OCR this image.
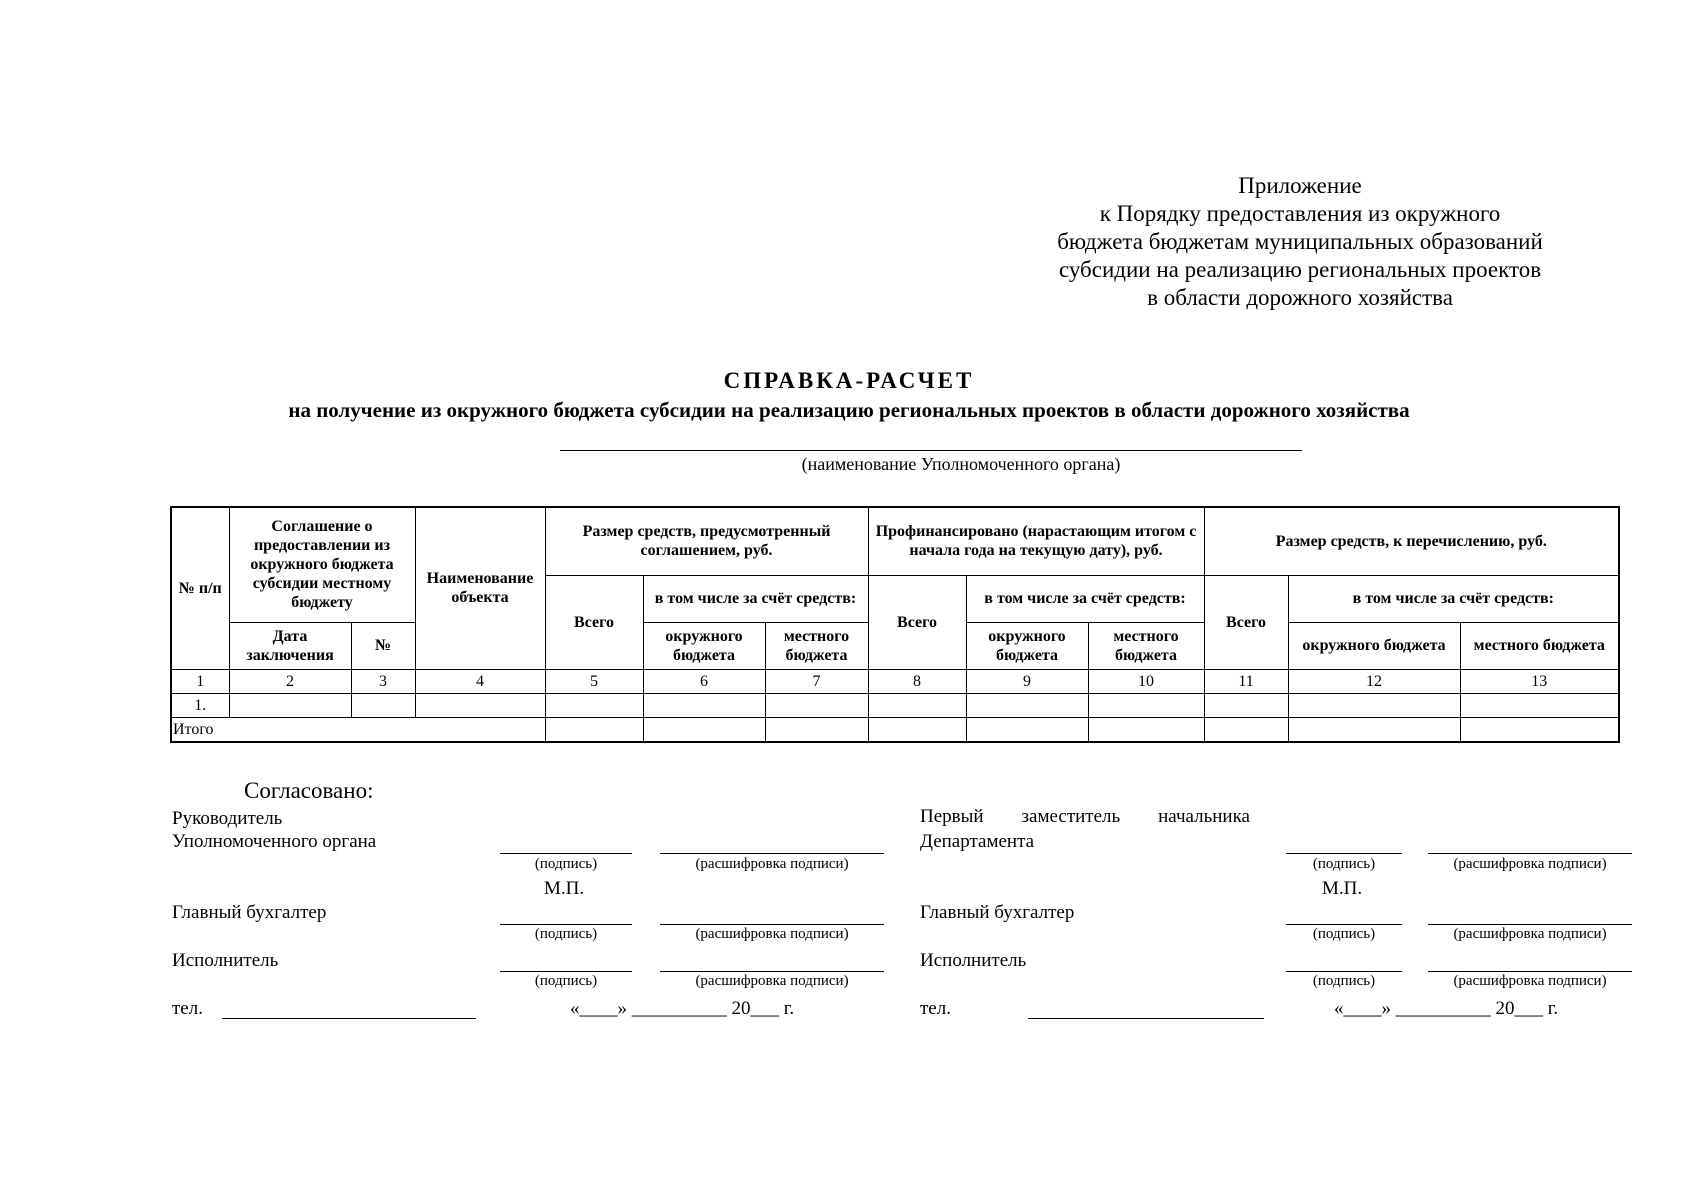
Приложение
к Порядку предоставления из окружного
бюджета бюджетам муниципальных образований
субсидии на реализацию региональных проектов
в области дорожного хозяйства
СПРАВКА-РАСЧЕТ
на получение из окружного бюджета субсидии на реализацию региональных проектов в области дорожного хозяйства
(наименование Уполномоченного органа)
№ п/п	Соглашение о предоставлении из окружного бюджета субсидии местному бюджету		Наименование объекта	Размер средств, предусмотренный соглашением, руб.			Профинансировано (нарастающим итогом с начала года на текущую дату), руб.			Размер средств, к перечислению, руб.		
				Всего	в том числе за счёт средств:		Всего	в том числе за счёт средств:		Всего	в том числе за счёт средств:	
	Дата заключения	№			окружного бюджета	местного бюджета		окружного бюджета	местного бюджета		окружного бюджета	местного бюджета
1	2	3	4	5	6	7	8	9	10	11	12	13
1.												
Итого												
Согласовано:
Руководитель
Уполномоченного органа
(подпись)	(расшифровка подписи)
М.П.
Главный бухгалтер
(подпись)	(расшифровка подписи)
Исполнитель
(подпись)	(расшифровка подписи)
тел.	«____» __________ 20___ г.
Первый заместитель начальника
Департамента
(подпись)	(расшифровка подписи)
М.П.
Главный бухгалтер
(подпись)	(расшифровка подписи)
Исполнитель
(подпись)	(расшифровка подписи)
тел.	«____» __________ 20___ г.
